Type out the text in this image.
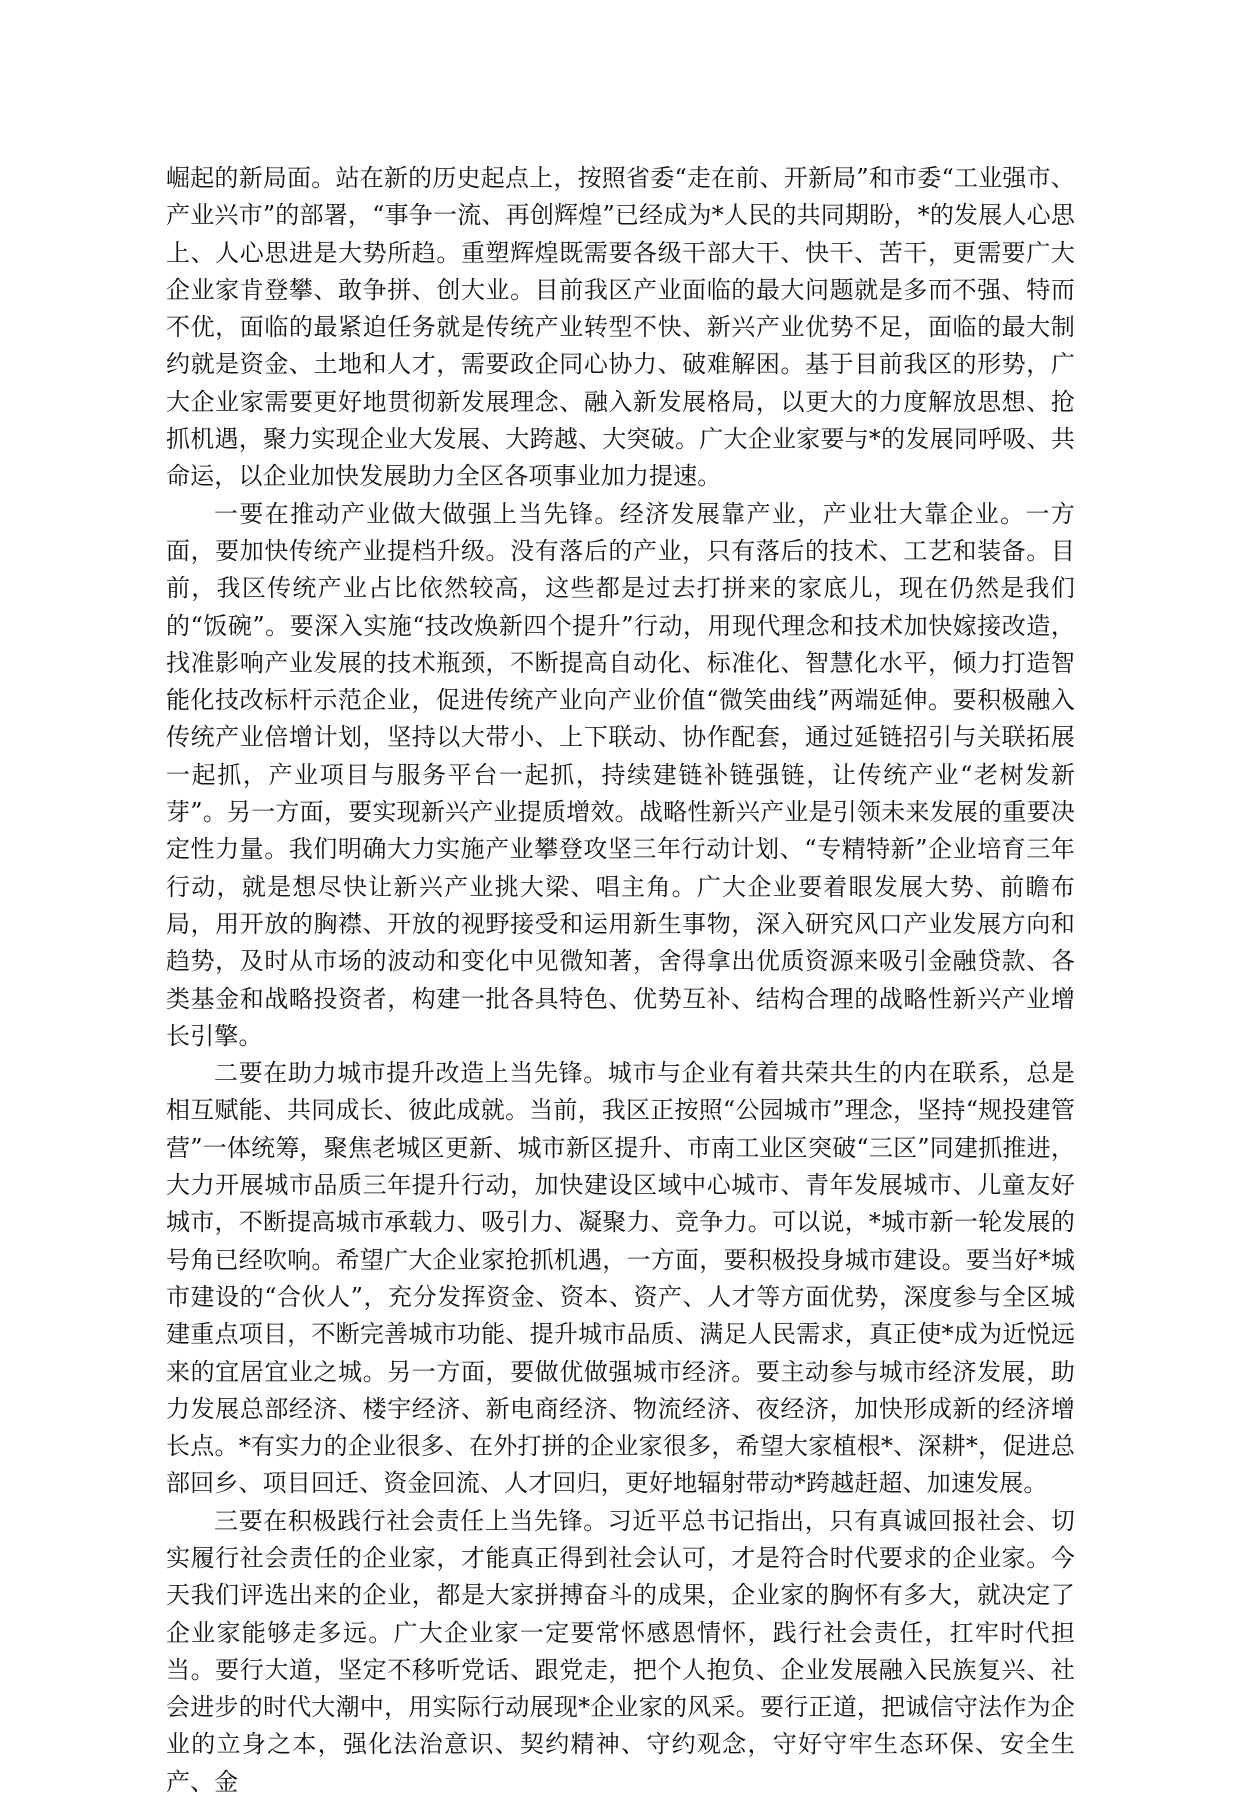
崛起的新局面。站在新的历史起点上，按照省委“走在前、开新局”和市委“工业强市、产业兴市”的部署，“事争一流、再创辉煌”已经成为*人民的共同期盼，*的发展人心思上、人心思进是大势所趋。重塑辉煌既需要各级干部大干、快干、苦干，更需要广大企业家肯登攀、敢争拼、创大业。目前我区产业面临的最大问题就是多而不强、特而不优，面临的最紧迫任务就是传统产业转型不快、新兴产业优势不足，面临的最大制约就是资金、土地和人才，需要政企同心协力、破难解困。基于目前我区的形势，广大企业家需要更好地贯彻新发展理念、融入新发展格局，以更大的力度解放思想、抢抓机遇，聚力实现企业大发展、大跨越、大突破。广大企业家要与*的发展同呼吸、共命运，以企业加快发展助力全区各项事业加力提速。

一要在推动产业做大做强上当先锋。经济发展靠产业，产业壮大靠企业。一方面，要加快传统产业提档升级。没有落后的产业，只有落后的技术、工艺和装备。目前，我区传统产业占比依然较高，这些都是过去打拼来的家底儿，现在仍然是我们的“饭碗”。要深入实施“技改焕新四个提升”行动，用现代理念和技术加快嫁接改造，找准影响产业发展的技术瓶颈，不断提高自动化、标准化、智慧化水平，倾力打造智能化技改标杆示范企业，促进传统产业向产业价值“微笑曲线”两端延伸。要积极融入传统产业倍增计划，坚持以大带小、上下联动、协作配套，通过延链招引与关联拓展一起抓，产业项目与服务平台一起抓，持续建链补链强链，让传统产业“老树发新芽”。另一方面，要实现新兴产业提质增效。战略性新兴产业是引领未来发展的重要决定性力量。我们明确大力实施产业攀登攻坚三年行动计划、“专精特新”企业培育三年行动，就是想尽快让新兴产业挑大梁、唱主角。广大企业要着眼发展大势、前瞻布局，用开放的胸襟、开放的视野接受和运用新生事物，深入研究风口产业发展方向和趋势，及时从市场的波动和变化中见微知著，舍得拿出优质资源来吸引金融贷款、各类基金和战略投资者，构建一批各具特色、优势互补、结构合理的战略性新兴产业增长引擎。

二要在助力城市提升改造上当先锋。城市与企业有着共荣共生的内在联系，总是相互赋能、共同成长、彼此成就。当前，我区正按照“公园城市”理念，坚持“规投建管营”一体统筹，聚焦老城区更新、城市新区提升、市南工业区突破“三区”同建抓推进，大力开展城市品质三年提升行动，加快建设区域中心城市、青年发展城市、儿童友好城市，不断提高城市承载力、吸引力、凝聚力、竞争力。可以说，*城市新一轮发展的号角已经吹响。希望广大企业家抢抓机遇，一方面，要积极投身城市建设。要当好*城市建设的“合伙人”，充分发挥资金、资本、资产、人才等方面优势，深度参与全区城建重点项目，不断完善城市功能、提升城市品质、满足人民需求，真正使*成为近悦远来的宜居宜业之城。另一方面，要做优做强城市经济。要主动参与城市经济发展，助力发展总部经济、楼宇经济、新电商经济、物流经济、夜经济，加快形成新的经济增长点。*有实力的企业很多、在外打拼的企业家很多，希望大家植根*、深耕*，促进总部回乡、项目回迁、资金回流、人才回归，更好地辐射带动*跨越赶超、加速发展。

三要在积极践行社会责任上当先锋。习近平总书记指出，只有真诚回报社会、切实履行社会责任的企业家，才能真正得到社会认可，才是符合时代要求的企业家。今天我们评选出来的企业，都是大家拼搏奋斗的成果，企业家的胸怀有多大，就决定了企业家能够走多远。广大企业家一定要常怀感恩情怀，践行社会责任，扛牢时代担当。要行大道，坚定不移听党话、跟党走，把个人抱负、企业发展融入民族复兴、社会进步的时代大潮中，用实际行动展现*企业家的风采。要行正道，把诚信守法作为企业的立身之本，强化法治意识、契约精神、守约观念，守好守牢生态环保、安全生产、金
